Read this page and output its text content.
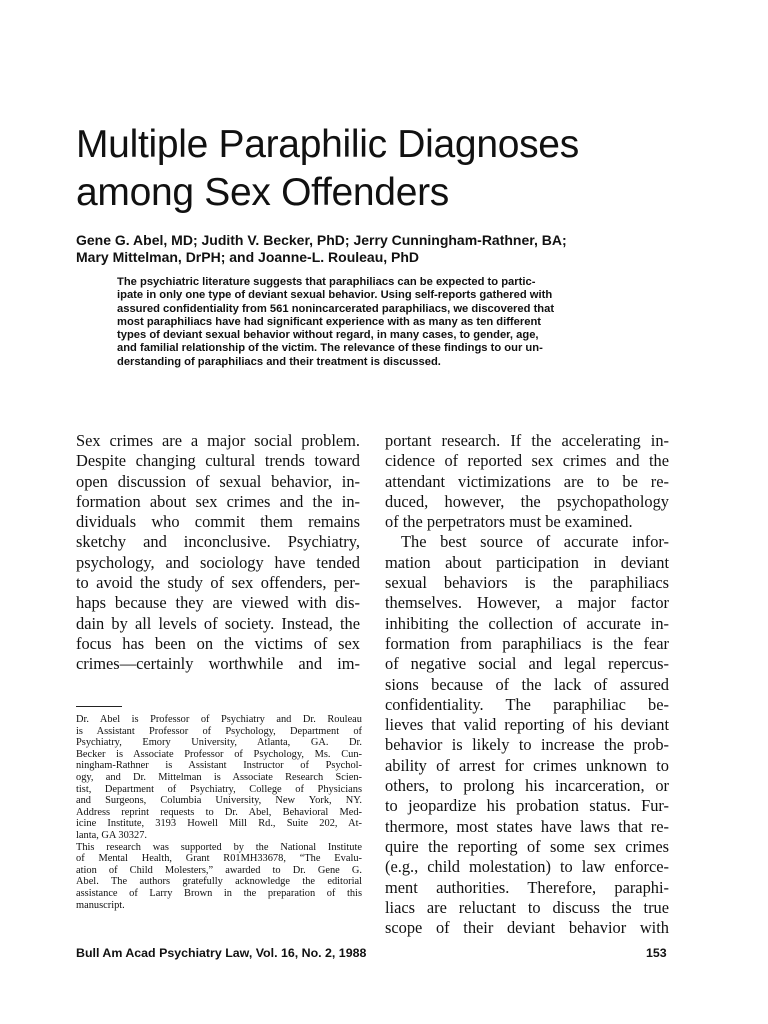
Multiple Paraphilic Diagnoses
among Sex Offenders
Gene G. Abel, MD; Judith V. Becker, PhD; Jerry Cunningham-Rathner, BA;
Mary Mittelman, DrPH; and Joanne-L. Rouleau, PhD
The psychiatric literature suggests that paraphiliacs can be expected to partic-
ipate in only one type of deviant sexual behavior. Using self-reports gathered with
assured confidentiality from 561 nonincarcerated paraphiliacs, we discovered that
most paraphiliacs have had significant experience with as many as ten different
types of deviant sexual behavior without regard, in many cases, to gender, age,
and familial relationship of the victim. The relevance of these findings to our un-
derstanding of paraphiliacs and their treatment is discussed.
Sex crimes are a major social problem.
Despite changing cultural trends toward
open discussion of sexual behavior, in-
formation about sex crimes and the in-
dividuals who commit them remains
sketchy and inconclusive. Psychiatry,
psychology, and sociology have tended
to avoid the study of sex offenders, per-
haps because they are viewed with dis-
dain by all levels of society. Instead, the
focus has been on the victims of sex
crimes—certainly worthwhile and im-
Dr. Abel is Professor of Psychiatry and Dr. Rouleau
is Assistant Professor of Psychology, Department of
Psychiatry, Emory University, Atlanta, GA. Dr.
Becker is Associate Professor of Psychology, Ms. Cun-
ningham-Rathner is Assistant Instructor of Psychol-
ogy, and Dr. Mittelman is Associate Research Scien-
tist, Department of Psychiatry, College of Physicians
and Surgeons, Columbia University, New York, NY.
Address reprint requests to Dr. Abel, Behavioral Med-
icine Institute, 3193 Howell Mill Rd., Suite 202, At-
lanta, GA 30327.
This research was supported by the National Institute
of Mental Health, Grant R01MH33678, “The Evalu-
ation of Child Molesters,” awarded to Dr. Gene G.
Abel. The authors gratefully acknowledge the editorial
assistance of Larry Brown in the preparation of this
manuscript.
portant research. If the accelerating in-
cidence of reported sex crimes and the
attendant victimizations are to be re-
duced, however, the psychopathology
of the perpetrators must be examined.
The best source of accurate infor-
mation about participation in deviant
sexual behaviors is the paraphiliacs
themselves. However, a major factor
inhibiting the collection of accurate in-
formation from paraphiliacs is the fear
of negative social and legal repercus-
sions because of the lack of assured
confidentiality. The paraphiliac be-
lieves that valid reporting of his deviant
behavior is likely to increase the prob-
ability of arrest for crimes unknown to
others, to prolong his incarceration, or
to jeopardize his probation status. Fur-
thermore, most states have laws that re-
quire the reporting of some sex crimes
(e.g., child molestation) to law enforce-
ment authorities. Therefore, paraphi-
liacs are reluctant to discuss the true
scope of their deviant behavior with
Bull Am Acad Psychiatry Law, Vol. 16, No. 2, 1988	153
